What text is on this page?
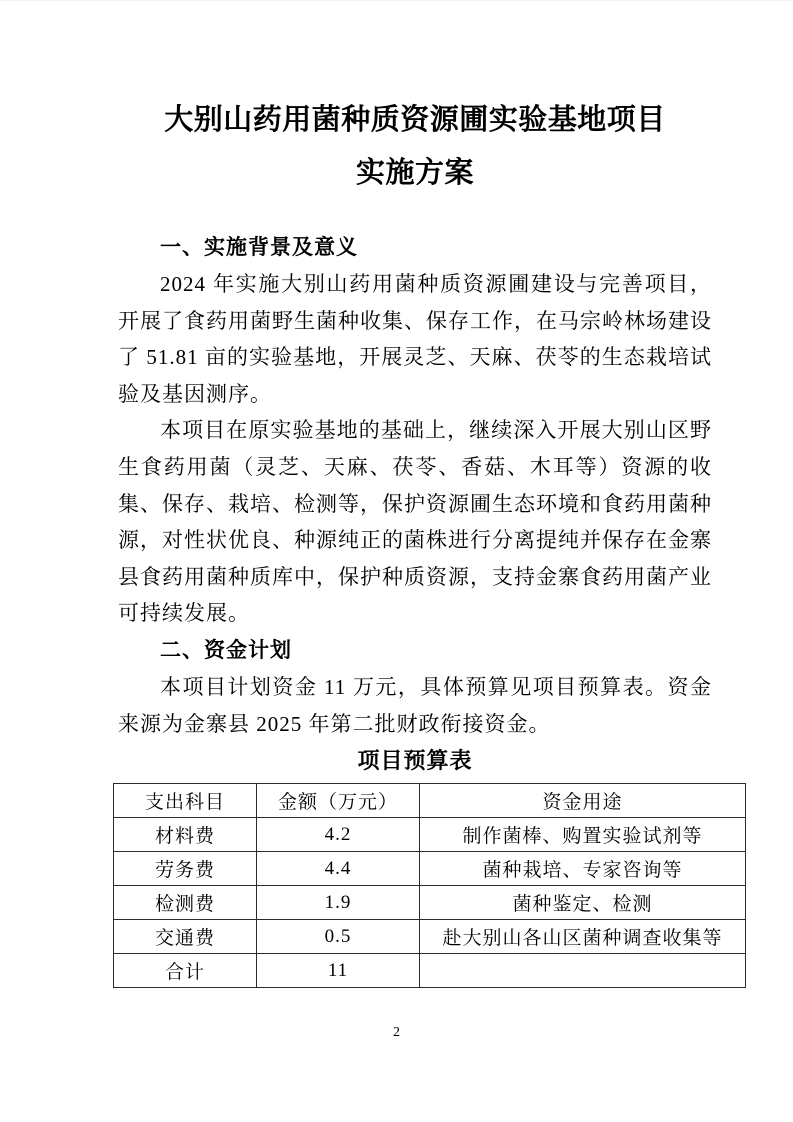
大别山药用菌种质资源圃实验基地项目
实施方案
一、实施背景及意义

2024 年实施大别山药用菌种质资源圃建设与完善项目，开展了食药用菌野生菌种收集、保存工作，在马宗岭林场建设了 51.81 亩的实验基地，开展灵芝、天麻、茯苓的生态栽培试验及基因测序。

本项目在原实验基地的基础上，继续深入开展大别山区野生食药用菌（灵芝、天麻、茯苓、香菇、木耳等）资源的收集、保存、栽培、检测等，保护资源圃生态环境和食药用菌种源，对性状优良、种源纯正的菌株进行分离提纯并保存在金寨县食药用菌种质库中，保护种质资源，支持金寨食药用菌产业可持续发展。

二、资金计划

本项目计划资金 11 万元，具体预算见项目预算表。资金来源为金寨县 2025 年第二批财政衔接资金。

项目预算表
支出科目	金额（万元）	资金用途
材料费	4.2	制作菌棒、购置实验试剂等
劳务费	4.4	菌种栽培、专家咨询等
检测费	1.9	菌种鉴定、检测
交通费	0.5	赴大别山各山区菌种调查收集等
合计	11	
2
